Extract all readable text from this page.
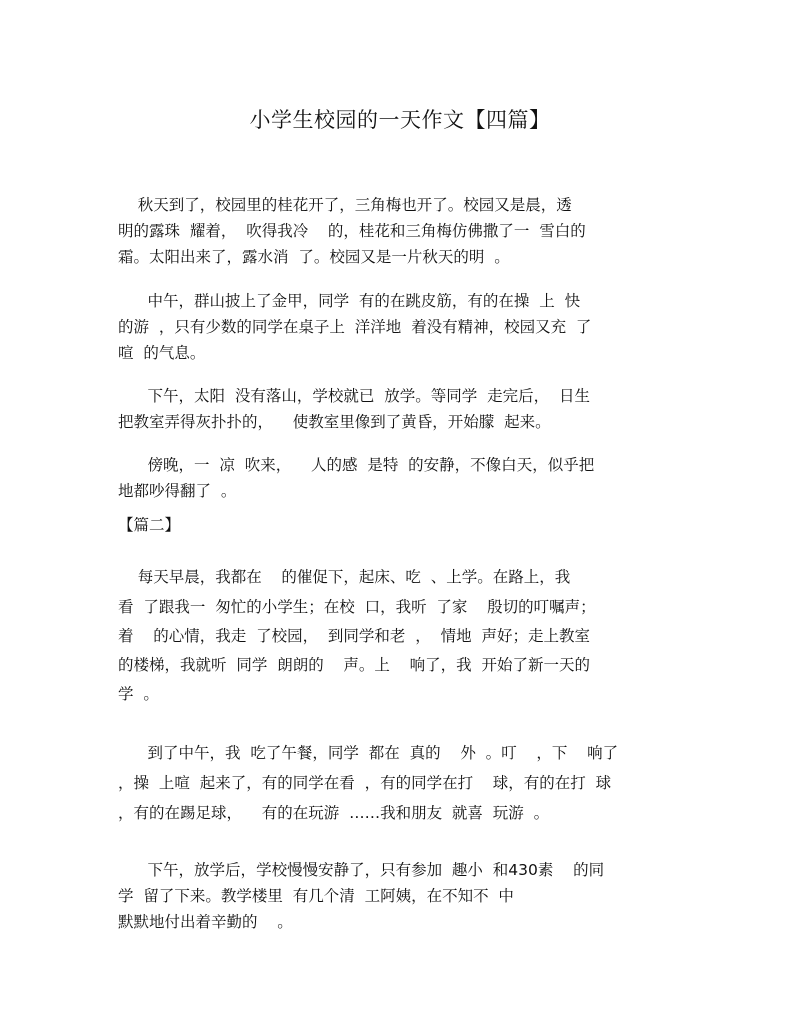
小学生校园的一天作文【四篇】
秋天到了，校园里的桂花开了，三角梅也开了。校园又是晨，透
明的露珠  耀着，  吹得我冷    的，桂花和三角梅仿佛撒了一  雪白的
霜。太阳出来了，露水消  了。校园又是一片秋天的明  。
中午，群山披上了金甲，同学  有的在跳皮筋，有的在操  上  快
的游  ，只有少数的同学在桌子上  洋洋地  着没有精神，校园又充  了
喧  的气息。
下午，太阳  没有落山，学校就已  放学。等同学  走完后，  日生
把教室弄得灰扑扑的，    使教室里像到了黄昏，开始朦  起来。
傍晚，一  凉  吹来，    人的感  是特  的安静，不像白天，似乎把
地都吵得翻了  。
【篇二】
每天早晨，我都在    的催促下，起床、吃  、上学。在路上，我
看  了跟我一  匆忙的小学生；在校  口，我听  了家    殷切的叮嘱声；
着    的心情，我走  了校园，  到同学和老  ，  情地  声好；走上教室
的楼梯，我就听  同学  朗朗的    声。上    响了，我  开始了新一天的
学  。
到了中午，我  吃了午餐，同学  都在  真的    外  。叮    ，下    响了
，操  上喧  起来了，有的同学在看  ，有的同学在打    球，有的在打  球
，有的在踢足球，    有的在玩游  ……我和朋友  就喜  玩游  。
下午，放学后，学校慢慢安静了，只有参加  趣小  和430素    的同
学  留了下来。教学楼里  有几个清  工阿姨，在不知不  中
默默地付出着辛勤的    。
